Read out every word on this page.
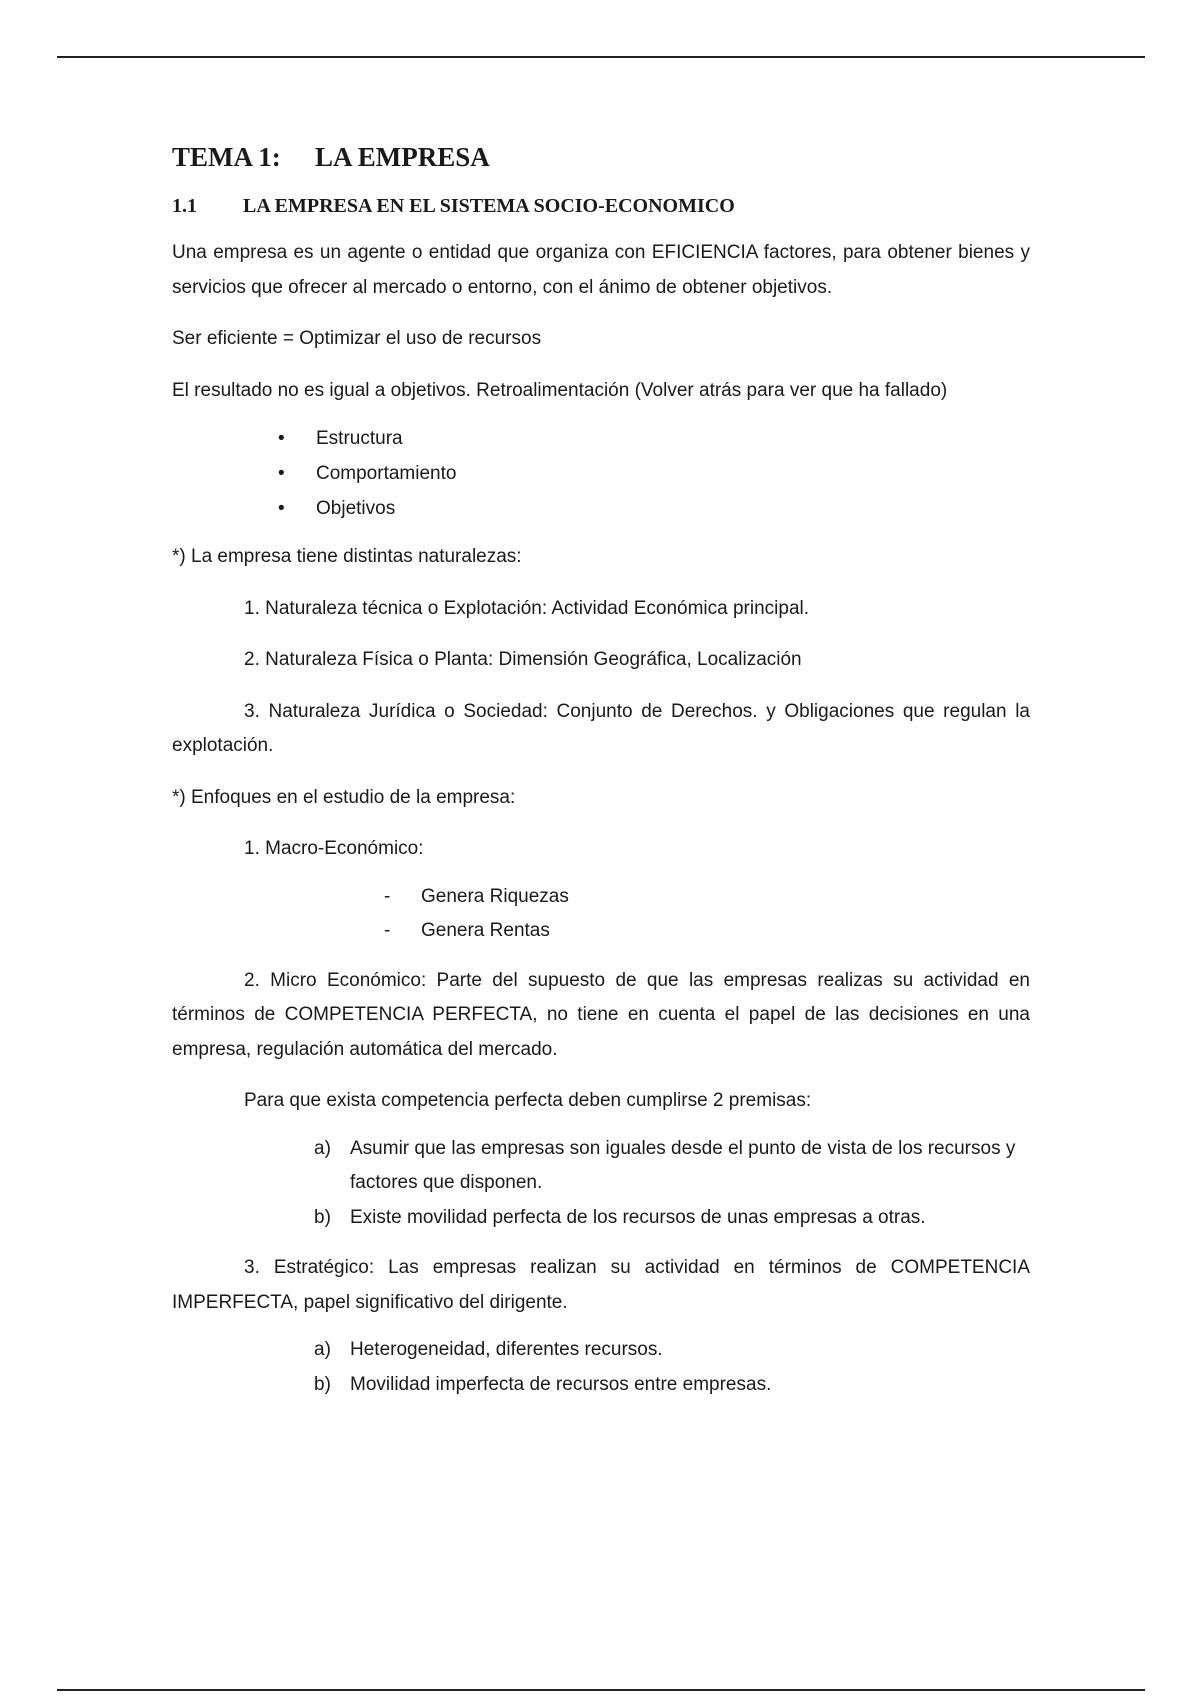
TEMA 1:	LA EMPRESA
1.1	LA EMPRESA EN EL SISTEMA SOCIO-ECONOMICO

Una empresa es un agente o entidad que organiza con EFICIENCIA factores, para obtener bienes y servicios que ofrecer al mercado o entorno, con el ánimo de obtener objetivos.

Ser eficiente = Optimizar el uso de recursos

El resultado no es igual a objetivos. Retroalimentación (Volver atrás para ver que ha fallado)

• Estructura
• Comportamiento
• Objetivos

*) La empresa tiene distintas naturalezas:

1. Naturaleza técnica o Explotación: Actividad Económica principal.

2. Naturaleza Física o Planta: Dimensión Geográfica, Localización

3. Naturaleza Jurídica o Sociedad: Conjunto de Derechos. y Obligaciones que regulan la explotación.

*) Enfoques en el estudio de la empresa:

1. Macro-Económico:

- Genera Riquezas
- Genera Rentas

2. Micro Económico: Parte del supuesto de que las empresas realizas su actividad en términos de COMPETENCIA PERFECTA, no tiene en cuenta el papel de las decisiones en una empresa, regulación automática del mercado.

Para que exista competencia perfecta deben cumplirse 2 premisas:

a) Asumir que las empresas son iguales desde el punto de vista de los recursos y factores que disponen.
b) Existe movilidad perfecta de los recursos de unas empresas a otras.

3. Estratégico: Las empresas realizan su actividad en términos de COMPETENCIA IMPERFECTA, papel significativo del dirigente.

a) Heterogeneidad, diferentes recursos.
b) Movilidad imperfecta de recursos entre empresas.
